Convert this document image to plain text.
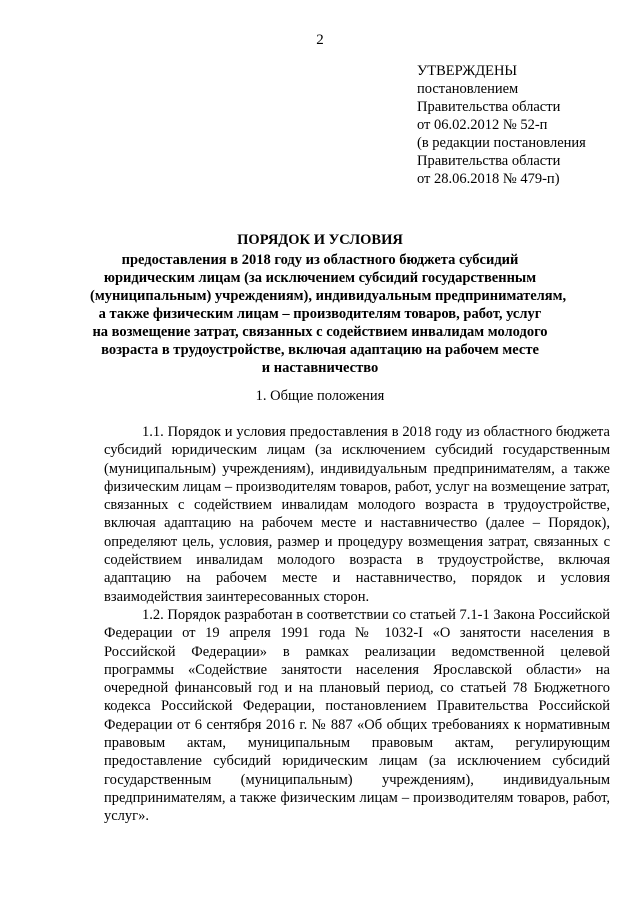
2
УТВЕРЖДЕНЫ
постановлением
Правительства области
от 06.02.2012 № 52-п
(в редакции постановления
Правительства области
от 28.06.2018 № 479-п)
ПОРЯДОК И УСЛОВИЯ
предоставления в 2018 году из областного бюджета субсидий
юридическим лицам (за исключением субсидий государственным
(муниципальным) учреждениям), индивидуальным предпринимателям,
а также физическим лицам – производителям товаров, работ, услуг
на возмещение затрат, связанных с содействием инвалидам молодого
возраста в трудоустройстве, включая адаптацию на рабочем месте
и наставничество
1. Общие положения

1.1. Порядок и условия предоставления в 2018 году из областного бюджета субсидий юридическим лицам (за исключением субсидий государственным (муниципальным) учреждениям), индивидуальным предпринимателям, а также физическим лицам – производителям товаров, работ, услуг на возмещение затрат, связанных с содействием инвалидам молодого возраста в трудоустройстве, включая адаптацию на рабочем месте и наставничество (далее – Порядок), определяют цель, условия, размер и процедуру возмещения затрат, связанных с содействием инвалидам молодого возраста в трудоустройстве, включая адаптацию на рабочем месте и наставничество, порядок и условия взаимодействия заинтересованных сторон.

1.2. Порядок разработан в соответствии со статьей 7.1-1 Закона Российской Федерации от 19 апреля 1991 года № 1032-I «О занятости населения в Российской Федерации» в рамках реализации ведомственной целевой программы «Содействие занятости населения Ярославской области» на очередной финансовый год и на плановый период, со статьей 78 Бюджетного кодекса Российской Федерации, постановлением Правительства Российской Федерации от 6 сентября 2016 г. № 887 «Об общих требованиях к нормативным правовым актам, муниципальным правовым актам, регулирующим предоставление субсидий юридическим лицам (за исключением субсидий государственным (муниципальным) учреждениям), индивидуальным предпринимателям, а также физическим лицам – производителям товаров, работ, услуг».
